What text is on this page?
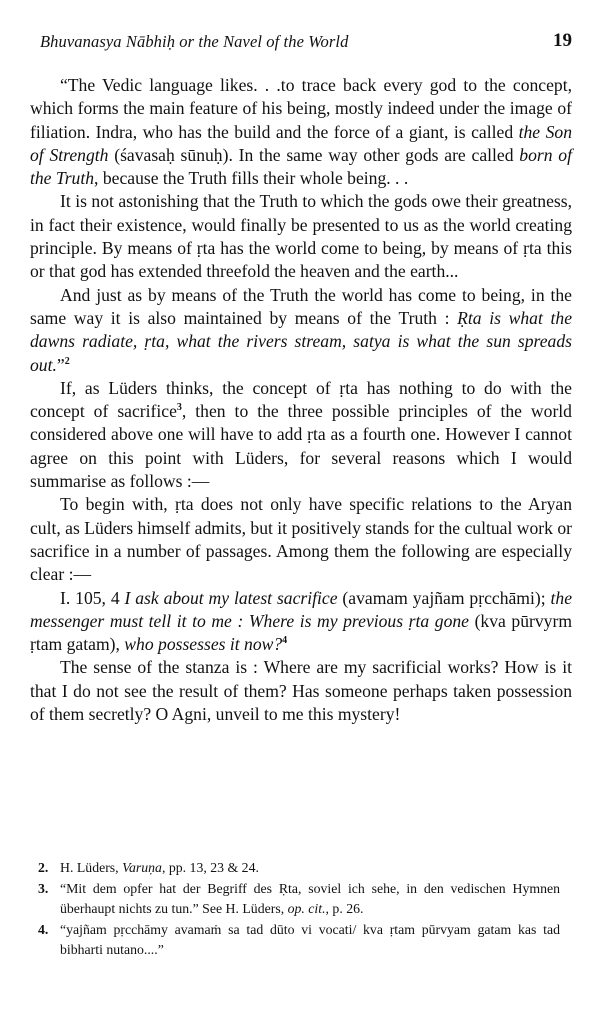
Bhuvanasya Nābhiḥ or the Navel of the World	19

“The Vedic language likes. . .to trace back every god to the concept, which forms the main feature of his being, mostly indeed under the image of filiation. Indra, who has the build and the force of a giant, is called the Son of Strength (śavasaḥ sūnuḥ). In the same way other gods are called born of the Truth, because the Truth fills their whole being. . .

It is not astonishing that the Truth to which the gods owe their greatness, in fact their existence, would finally be presented to us as the world creating principle. By means of ṛta has the world come to being, by means of ṛta this or that god has extended threefold the heaven and the earth...

And just as by means of the Truth the world has come to being, in the same way it is also maintained by means of the Truth : Ṛta is what the dawns radiate, ṛta, what the rivers stream, satya is what the sun spreads out.”$^2$

If, as Lüders thinks, the concept of ṛta has nothing to do with the concept of sacrifice$^3$, then to the three possible principles of the world considered above one will have to add ṛta as a fourth one. However I cannot agree on this point with Lüders, for several reasons which I would summarise as follows :—

To begin with, ṛta does not only have specific relations to the Aryan cult, as Lüders himself admits, but it positively stands for the cultual work or sacrifice in a number of passages. Among them the following are especially clear :—

I. 105, 4 I ask about my latest sacrifice (avamam yajñam pṛcchāmi); the messenger must tell it to me : Where is my previous ṛta gone (kva pūrvyrm ṛtam gatam), who possesses it now?$^4$

The sense of the stanza is : Where are my sacrificial works? How is it that I do not see the result of them? Has someone perhaps taken possession of them secretly? O Agni, unveil to me this mystery!

2. H. Lüders, Varuṇa, pp. 13, 23 & 24.
3. “Mit dem opfer hat der Begriff des Ṛta, soviel ich sehe, in den vedischen Hymnen überhaupt nichts zu tun.” See H. Lüders, op. cit., p. 26.
4. “yajñam pṛcchāmy avamaṁ sa tad dūto vi vocati/ kva ṛtam pūrvyam gatam kas tad bibharti nutano....”
